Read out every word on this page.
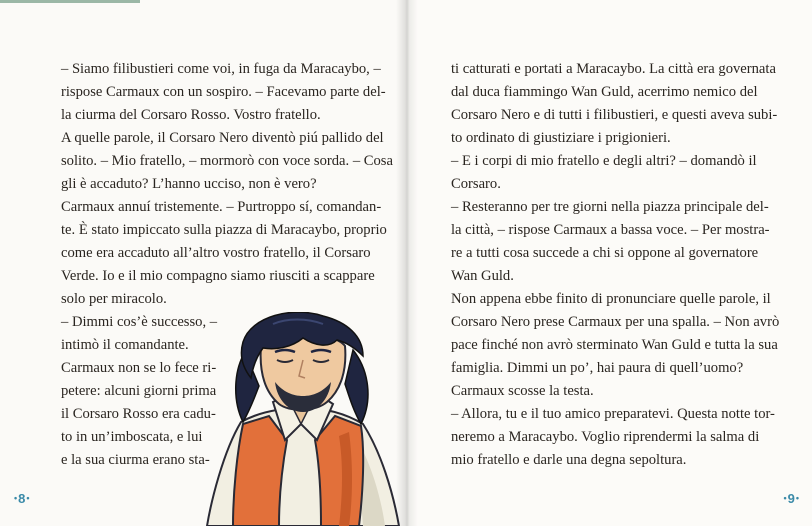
– Siamo filibustieri come voi, in fuga da Maracaybo, –
rispose Carmaux con un sospiro. – Facevamo parte del-
la ciurma del Corsaro Rosso. Vostro fratello.
A quelle parole, il Corsaro Nero diventò piú pallido del
solito. – Mio fratello, – mormorò con voce sorda. – Cosa
gli è accaduto? L’hanno ucciso, non è vero?
Carmaux annuí tristemente. – Purtroppo sí, comandan-
te. È stato impiccato sulla piazza di Maracaybo, proprio
come era accaduto all’altro vostro fratello, il Corsaro
Verde. Io e il mio compagno siamo riusciti a scappare
solo per miracolo.
– Dimmi cos’è successo, –
intimò il comandante.
Carmaux non se lo fece ri-
petere: alcuni giorni prima
il Corsaro Rosso era cadu-
to in un’imboscata, e lui
e la sua ciurma erano sta-
•8•
ti catturati e portati a Maracaybo. La città era governata
dal duca fiammingo Wan Guld, acerrimo nemico del
Corsaro Nero e di tutti i filibustieri, e questi aveva subi-
to ordinato di giustiziare i prigionieri.
– E i corpi di mio fratello e degli altri? – domandò il
Corsaro.
– Resteranno per tre giorni nella piazza principale del-
la città, – rispose Carmaux a bassa voce. – Per mostra-
re a tutti cosa succede a chi si oppone al governatore
Wan Guld.
Non appena ebbe finito di pronunciare quelle parole, il
Corsaro Nero prese Carmaux per una spalla. – Non avrò
pace finché non avrò sterminato Wan Guld e tutta la sua
famiglia. Dimmi un po’, hai paura di quell’uomo?
Carmaux scosse la testa.
– Allora, tu e il tuo amico preparatevi. Questa notte tor-
neremo a Maracaybo. Voglio riprendermi la salma di
mio fratello e darle una degna sepoltura.
•9•
